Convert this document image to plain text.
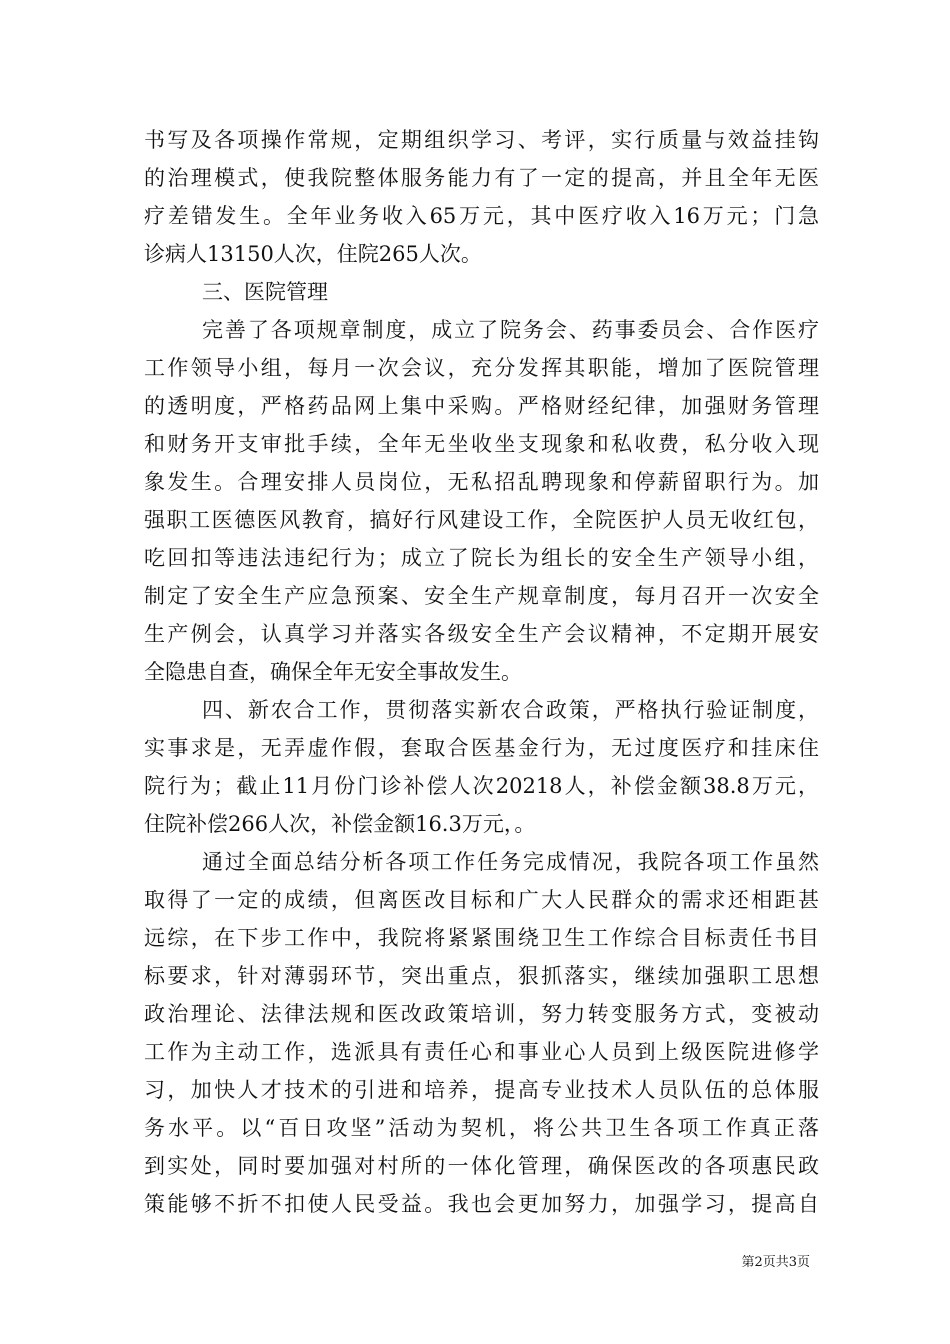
书写及各项操作常规，定期组织学习、考评，实行质量与效益挂钩
的治理模式，使我院整体服务能力有了一定的提高，并且全年无医
疗差错发生。全年业务收入65万元，其中医疗收入16万元；门急
诊病人13150人次，住院265人次。
三、医院管理
完善了各项规章制度，成立了院务会、药事委员会、合作医疗
工作领导小组，每月一次会议，充分发挥其职能，增加了医院管理
的透明度，严格药品网上集中采购。严格财经纪律，加强财务管理
和财务开支审批手续，全年无坐收坐支现象和私收费，私分收入现
象发生。合理安排人员岗位，无私招乱聘现象和停薪留职行为。加
强职工医德医风教育，搞好行风建设工作，全院医护人员无收红包，
吃回扣等违法违纪行为；成立了院长为组长的安全生产领导小组，
制定了安全生产应急预案、安全生产规章制度，每月召开一次安全
生产例会，认真学习并落实各级安全生产会议精神，不定期开展安
全隐患自查，确保全年无安全事故发生。
四、新农合工作，贯彻落实新农合政策，严格执行验证制度，
实事求是，无弄虚作假，套取合医基金行为，无过度医疗和挂床住
院行为；截止11月份门诊补偿人次20218人，补偿金额38.8万元，
住院补偿266人次，补偿金额16.3万元，。
通过全面总结分析各项工作任务完成情况，我院各项工作虽然
取得了一定的成绩，但离医改目标和广大人民群众的需求还相距甚
远综，在下步工作中，我院将紧紧围绕卫生工作综合目标责任书目
标要求，针对薄弱环节，突出重点，狠抓落实，继续加强职工思想
政治理论、法律法规和医改政策培训，努力转变服务方式，变被动
工作为主动工作，选派具有责任心和事业心人员到上级医院进修学
习，加快人才技术的引进和培养，提高专业技术人员队伍的总体服
务水平。以“百日攻坚”活动为契机，将公共卫生各项工作真正落
到实处，同时要加强对村所的一体化管理，确保医改的各项惠民政
策能够不折不扣使人民受益。我也会更加努力，加强学习，提高自
第2页共3页
